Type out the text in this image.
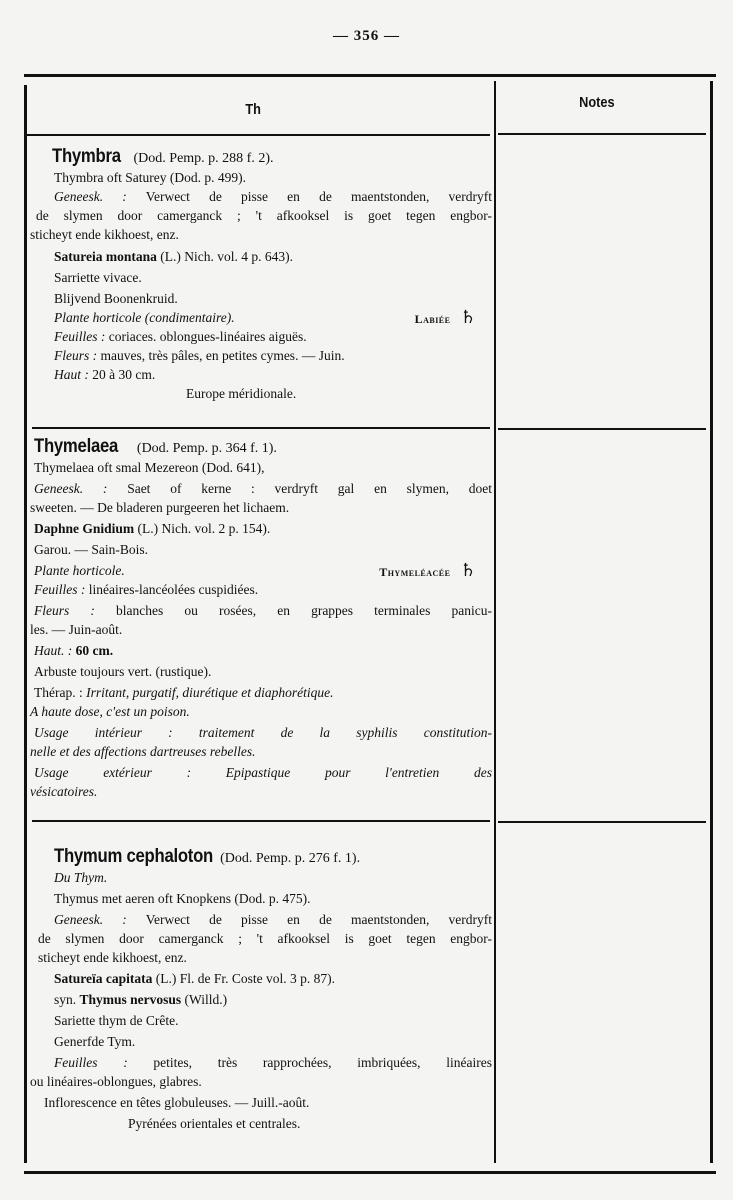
— 356 —
Th	Notes
Thymbra (Dod. Pemp. p. 288 f. 2).
Thymbra oft Saturey (Dod. p. 499).
Geneesk. : Verwect de pisse en de maentstonden, verdryft
de slymen door camerganck ; 't afkooksel is goet tegen engbor-
sticheyt ende kikhoest, enz.
Satureia montana (L.) Nich. vol. 4 p. 643).
Sarriette vivace.
Blijvend Boonenkruid.
Plante horticole (condimentaire).	Labiée ♄
Feuilles : coriaces. oblongues-linéaires aiguës.
Fleurs : mauves, très pâles, en petites cymes. — Juin.
Haut : 20 à 30 cm.
Europe méridionale.
Thymelaea (Dod. Pemp. p. 364 f. 1).
Thymelaea oft smal Mezereon (Dod. 641),
Geneesk. : Saet of kerne : verdryft gal en slymen, doet
sweeten. — De bladeren purgeeren het lichaem.
Daphne Gnidium (L.) Nich. vol. 2 p. 154).
Garou. — Sain-Bois.
Plante horticole.	Thymeléacée ♄
Feuilles : linéaires-lancéolées cuspidiées.
Fleurs : blanches ou rosées, en grappes terminales panicu-
les. — Juin-août.
Haut. : 60 cm.
Arbuste toujours vert. (rustique).
Thérap. : Irritant, purgatif, diurétique et diaphorétique.
A haute dose, c'est un poison.
Usage intérieur : traitement de la syphilis constitution-
nelle et des affections dartreuses rebelles.
Usage extérieur : Epipastique pour l'entretien des
vésicatoires.
Thymum cephaloton (Dod. Pemp. p. 276 f. 1).
Du Thym.
Thymus met aeren oft Knopkens (Dod. p. 475).
Geneesk. : Verwect de pisse en de maentstonden, verdryft
de slymen door camerganck ; 't afkooksel is goet tegen engbor-
sticheyt ende kikhoest, enz.
Satureïa capitata (L.) Fl. de Fr. Coste vol. 3 p. 87).
syn. Thymus nervosus (Willd.)
Sariette thym de Crête.
Generfde Tym.
Feuilles : petites, très rapprochées, imbriquées, linéaires
ou linéaires-oblongues, glabres.
Inflorescence en têtes globuleuses. — Juill.-août.
Pyrénées orientales et centrales.
